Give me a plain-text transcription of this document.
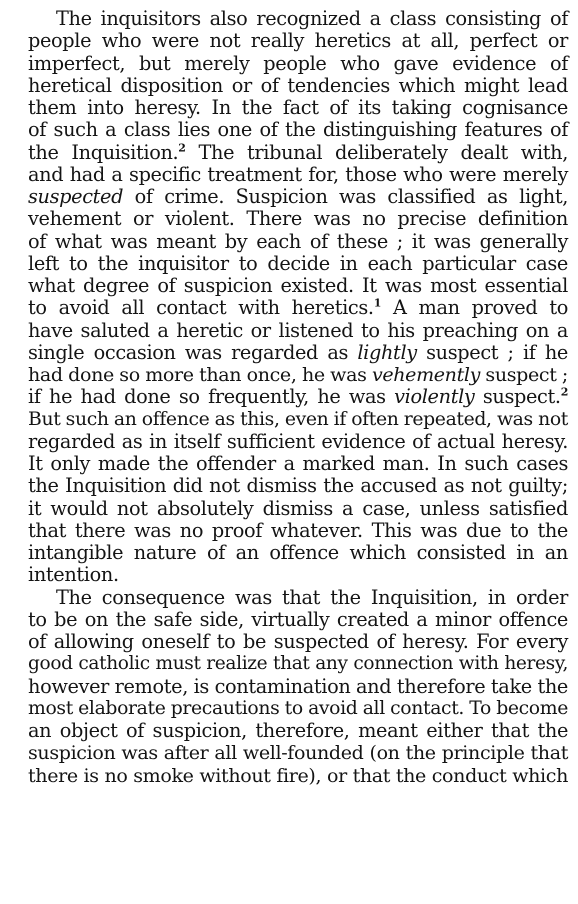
The inquisitors also recognized a class consisting of
people who were not really heretics at all, perfect or
imperfect, but merely people who gave evidence of
heretical disposition or of tendencies which might lead
them into heresy. In the fact of its taking cognisance
of such a class lies one of the distinguishing features of
the Inquisition.$^2$ The tribunal deliberately dealt with,
and had a specific treatment for, those who were merely
suspected of crime. Suspicion was classified as light,
vehement or violent. There was no precise definition
of what was meant by each of these ; it was generally
left to the inquisitor to decide in each particular case
what degree of suspicion existed. It was most essential
to avoid all contact with heretics.$^1$ A man proved to
have saluted a heretic or listened to his preaching on a
single occasion was regarded as lightly suspect ; if he
had done so more than once, he was vehemently suspect ;
if he had done so frequently, he was violently suspect.$^2$
But such an offence as this, even if often repeated, was not
regarded as in itself sufficient evidence of actual heresy.
It only made the offender a marked man. In such cases
the Inquisition did not dismiss the accused as not guilty;
it would not absolutely dismiss a case, unless satisfied
that there was no proof whatever. This was due to the
intangible nature of an offence which consisted in an
intention.
The consequence was that the Inquisition, in order
to be on the safe side, virtually created a minor offence
of allowing oneself to be suspected of heresy. For every
good catholic must realize that any connection with heresy,
however remote, is contamination and therefore take the
most elaborate precautions to avoid all contact. To become
an object of suspicion, therefore, meant either that the
suspicion was after all well-founded (on the principle that
there is no smoke without fire), or that the conduct which
